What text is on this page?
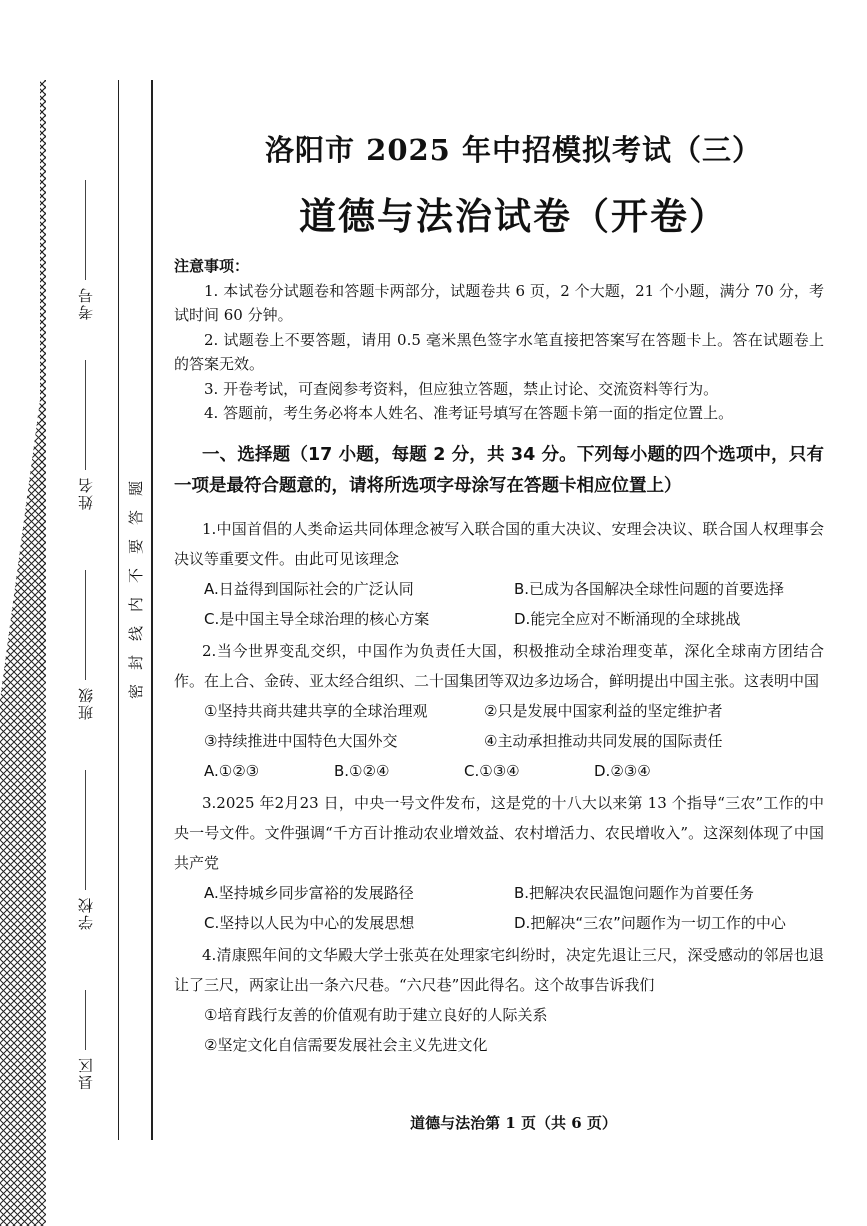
考号
姓名
班级
学校
县区
题
答
要
不
内
线
封
密
洛阳市 2025 年中招模拟考试（三）
道德与法治试卷（开卷）
注意事项：

1. 本试卷分试题卷和答题卡两部分，试题卷共 6 页，2 个大题，21 个小题，满分 70 分，考试时间 60 分钟。

2. 试题卷上不要答题，请用 0.5 毫米黑色签字水笔直接把答案写在答题卡上。答在试题卷上的答案无效。

3. 开卷考试，可查阅参考资料，但应独立答题，禁止讨论、交流资料等行为。

4. 答题前，考生务必将本人姓名、准考证号填写在答题卡第一面的指定位置上。

一、选择题（17 小题，每题 2 分，共 34 分。下列每小题的四个选项中，只有一项是最符合题意的，请将所选项字母涂写在答题卡相应位置上）

1.中国首倡的人类命运共同体理念被写入联合国的重大决议、安理会决议、联合国人权理事会决议等重要文件。由此可见该理念

A.日益得到国际社会的广泛认同	B.已成为各国解决全球性问题的首要选择
C.是中国主导全球治理的核心方案	D.能完全应对不断涌现的全球挑战

2.当今世界变乱交织，中国作为负责任大国，积极推动全球治理变革，深化全球南方团结合作。在上合、金砖、亚太经合组织、二十国集团等双边多边场合，鲜明提出中国主张。这表明中国

①坚持共商共建共享的全球治理观	②只是发展中国家利益的坚定维护者
③持续推进中国特色大国外交	④主动承担推动共同发展的国际责任
A.①②③	B.①②④	C.①③④	D.②③④

3.2025 年2月23 日，中央一号文件发布，这是党的十八大以来第 13 个指导“三农”工作的中央一号文件。文件强调“千方百计推动农业增效益、农村增活力、农民增收入”。这深刻体现了中国共产党

A.坚持城乡同步富裕的发展路径	B.把解决农民温饱问题作为首要任务
C.坚持以人民为中心的发展思想	D.把解决“三农”问题作为一切工作的中心

4.清康熙年间的文华殿大学士张英在处理家宅纠纷时，决定先退让三尺，深受感动的邻居也退让了三尺，两家让出一条六尺巷。“六尺巷”因此得名。这个故事告诉我们

①培育践行友善的价值观有助于建立良好的人际关系
②坚定文化自信需要发展社会主义先进文化
道德与法治第 1 页（共 6 页）
